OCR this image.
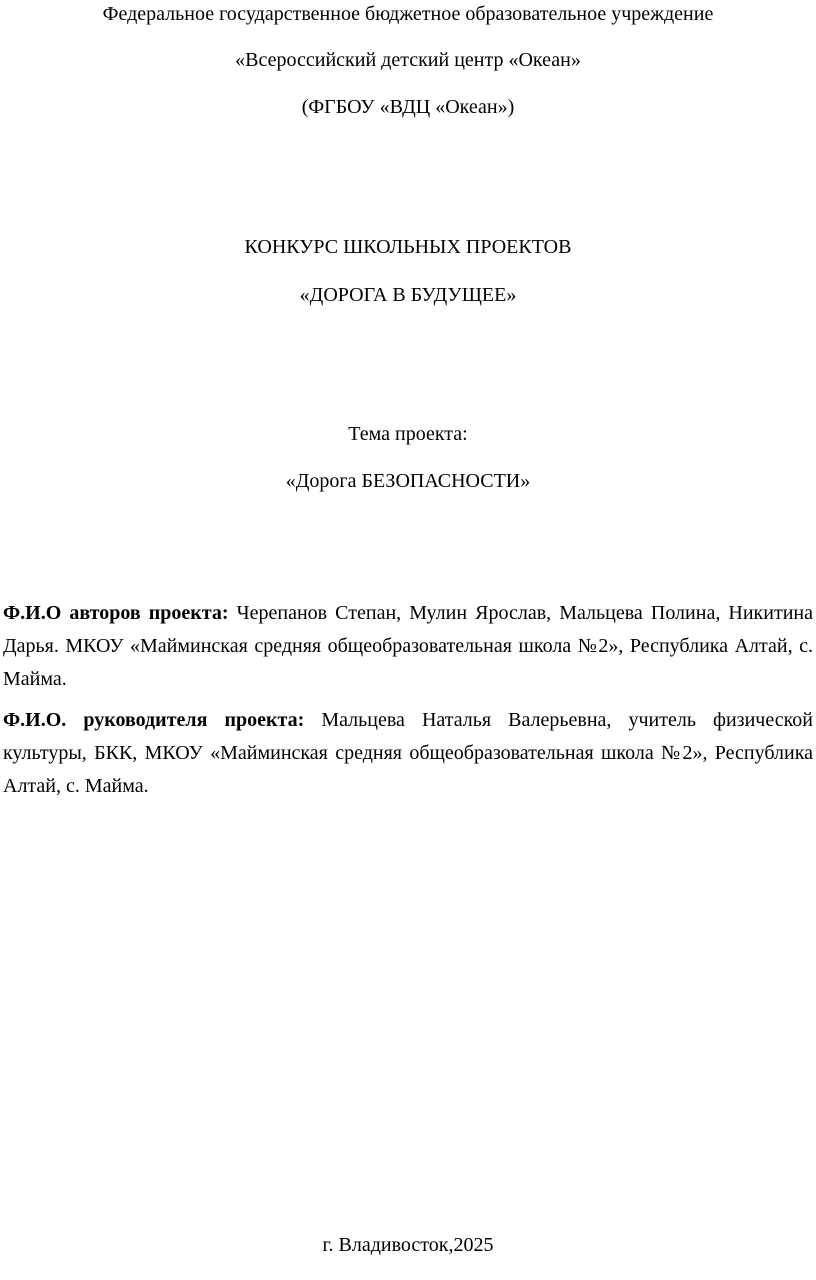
Федеральное государственное бюджетное образовательное учреждение
«Всероссийский детский центр «Океан»
(ФГБОУ «ВДЦ «Океан»)
КОНКУРС ШКОЛЬНЫХ ПРОЕКТОВ
«ДОРОГА В БУДУЩЕЕ»
Тема проекта:
«Дорога БЕЗОПАСНОСТИ»
Ф.И.О авторов проекта: Черепанов Степан, Мулин Ярослав, Мальцева Полина, Никитина Дарья. МКОУ «Майминская средняя общеобразовательная школа №2», Республика Алтай, с. Майма.
Ф.И.О. руководителя проекта: Мальцева Наталья Валерьевна, учитель физической культуры, БКК, МКОУ «Майминская средняя общеобразовательная школа №2», Республика Алтай, с. Майма.
г. Владивосток,2025
